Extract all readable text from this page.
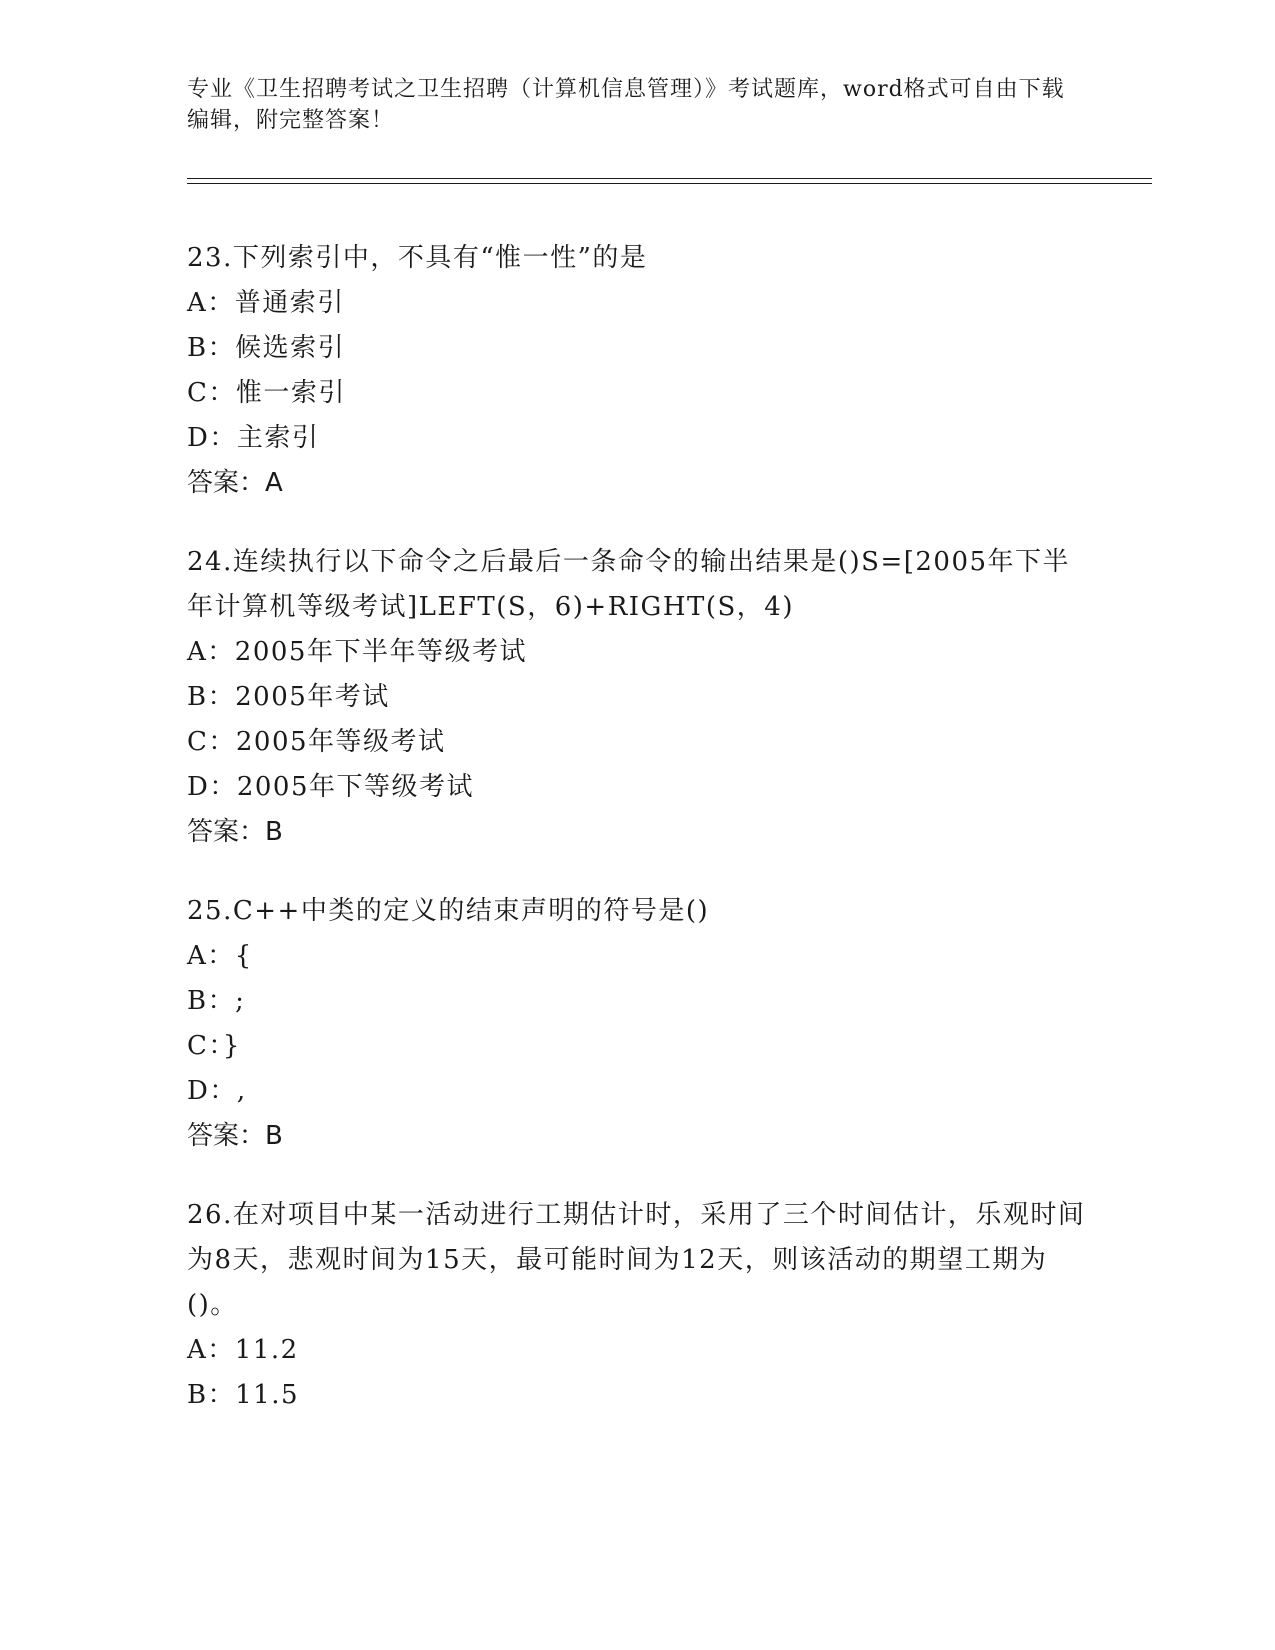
专业《卫生招聘考试之卫生招聘（计算机信息管理）》考试题库，word格式可自由下载编辑，附完整答案！
23.下列索引中，不具有“惟一性”的是
A：普通索引
B：候选索引
C：惟一索引
D：主索引
答案：A
24.连续执行以下命令之后最后一条命令的输出结果是()S=[2005年下半年计算机等级考试]LEFT(S，6)+RIGHT(S，4)
A：2005年下半年等级考试
B：2005年考试
C：2005年等级考试
D：2005年下等级考试
答案：B
25.C++中类的定义的结束声明的符号是()
A：{
B：;
C：}
D：,
答案：B
26.在对项目中某一活动进行工期估计时，采用了三个时间估计，乐观时间为8天，悲观时间为15天，最可能时间为12天，则该活动的期望工期为()。
A：11.2
B：11.5
